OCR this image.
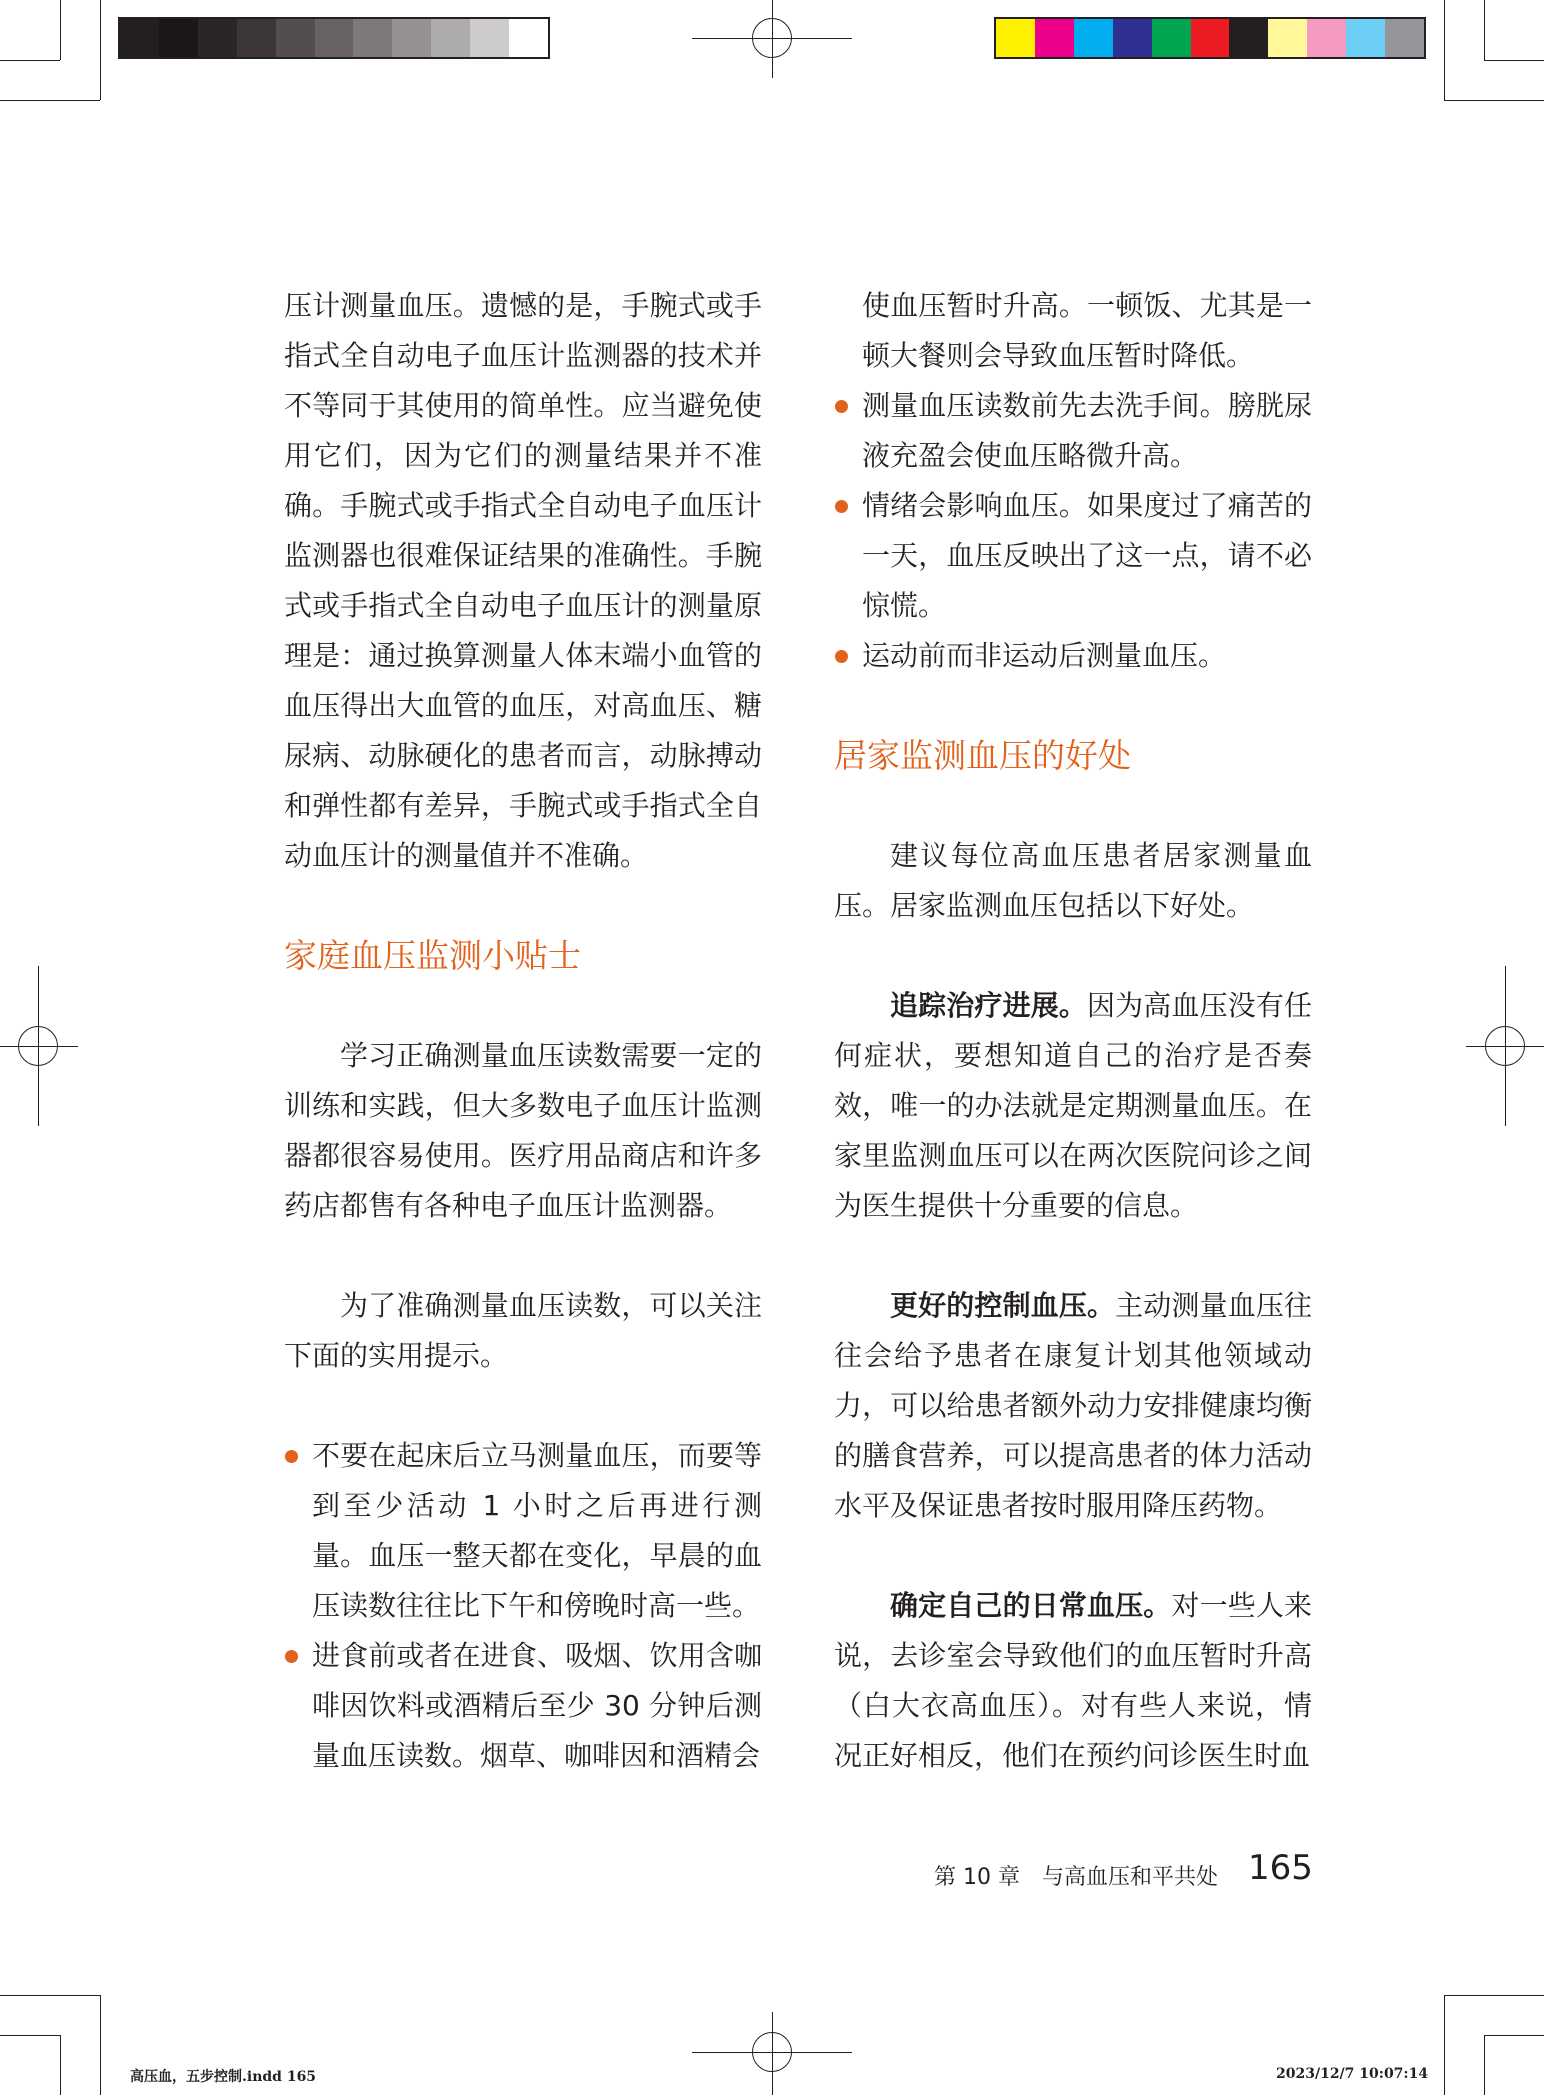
压计测量血压。遗憾的是，手腕式或手指式全自动电子血压计监测器的技术并不等同于其使用的简单性。应当避免使用它们，因为它们的测量结果并不准确。手腕式或手指式全自动电子血压计监测器也很难保证结果的准确性。手腕式或手指式全自动电子血压计的测量原理是：通过换算测量人体末端小血管的血压得出大血管的血压，对高血压、糖尿病、动脉硬化的患者而言，动脉搏动和弹性都有差异，手腕式或手指式全自动血压计的测量值并不准确。

家庭血压监测小贴士

学习正确测量血压读数需要一定的训练和实践，但大多数电子血压计监测器都很容易使用。医疗用品商店和许多药店都售有各种电子血压计监测器。

为了准确测量血压读数，可以关注下面的实用提示。

不要在起床后立马测量血压，而要等到至少活动 1 小时之后再进行测量。血压一整天都在变化，早晨的血压读数往往比下午和傍晚时高一些。
进食前或者在进食、吸烟、饮用含咖啡因饮料或酒精后至少 30 分钟后测量血压读数。烟草、咖啡因和酒精会

使血压暂时升高。一顿饭、尤其是一顿大餐则会导致血压暂时降低。

测量血压读数前先去洗手间。膀胱尿液充盈会使血压略微升高。
情绪会影响血压。如果度过了痛苦的一天，血压反映出了这一点，请不必惊慌。
运动前而非运动后测量血压。
居家监测血压的好处

建议每位高血压患者居家测量血压。居家监测血压包括以下好处。

追踪治疗进展。因为高血压没有任何症状，要想知道自己的治疗是否奏效，唯一的办法就是定期测量血压。在家里监测血压可以在两次医院问诊之间为医生提供十分重要的信息。

更好的控制血压。主动测量血压往往会给予患者在康复计划其他领域动力，可以给患者额外动力安排健康均衡的膳食营养，可以提高患者的体力活动水平及保证患者按时服用降压药物。

确定自己的日常血压。对一些人来说，去诊室会导致他们的血压暂时升高（白大衣高血压）。对有些人来说，情况正好相反，他们在预约问诊医生时血

第 10 章　与高血压和平共处 165
高压血，五步控制.indd 165	2023/12/7 10:07:14
